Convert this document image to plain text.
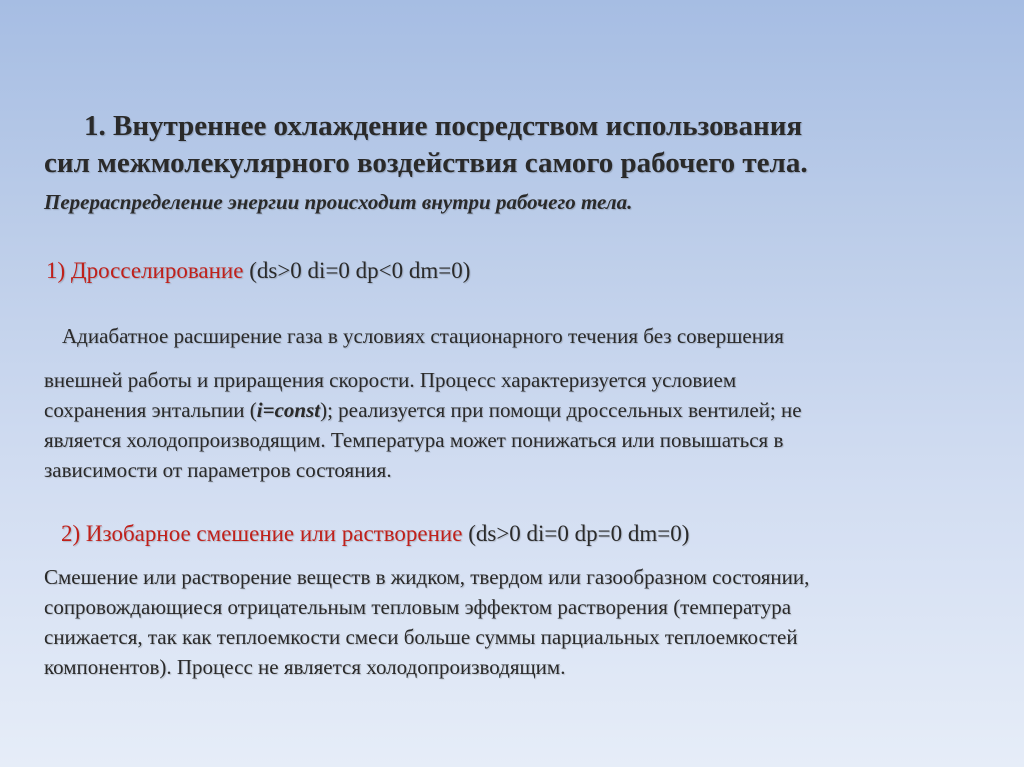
1. Внутреннее охлаждение посредством использования
сил межмолекулярного воздействия самого рабочего тела.
Перераспределение энергии происходит внутри рабочего тела.
1) Дросселирование (ds>0 di=0 dp<0 dm=0)
Адиабатное расширение газа в условиях стационарного течения без совершения
внешней работы и приращения скорости. Процесс характеризуется условием
сохранения энтальпии (i=const); реализуется при помощи дроссельных вентилей; не
является холодопроизводящим. Температура может понижаться или повышаться в
зависимости от параметров состояния.
2) Изобарное смешение или растворение (ds>0 di=0 dp=0 dm=0)
Смешение или растворение веществ в жидком, твердом или газообразном состоянии,
сопровождающиеся отрицательным тепловым эффектом растворения (температура
снижается, так как теплоемкости смеси больше суммы парциальных теплоемкостей
компонентов). Процесс не является холодопроизводящим.
